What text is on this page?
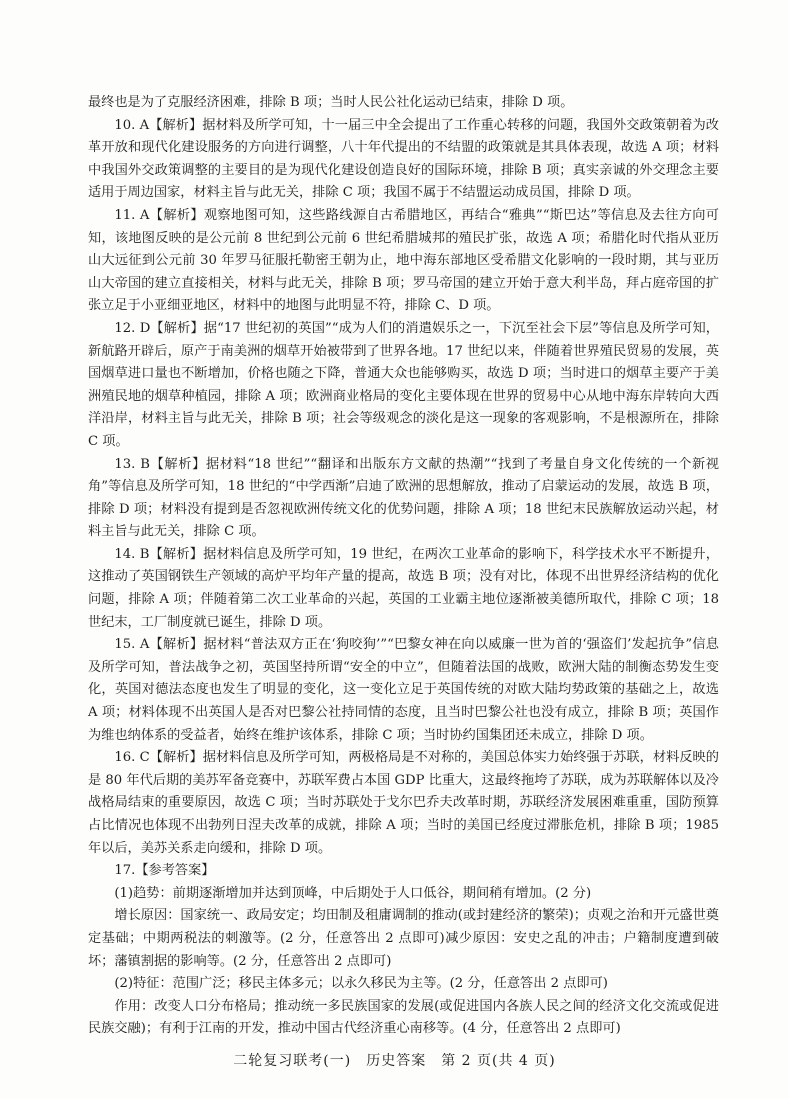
最终也是为了克服经济困难，排除 B 项；当时人民公社化运动已结束，排除 D 项。

10. A【解析】据材料及所学可知，十一届三中全会提出了工作重心转移的问题，我国外交政策朝着为改革开放和现代化建设服务的方向进行调整，八十年代提出的不结盟的政策就是其具体表现，故选 A 项；材料中我国外交政策调整的主要目的是为现代化建设创造良好的国际环境，排除 B 项；真实亲诚的外交理念主要适用于周边国家，材料主旨与此无关，排除 C 项；我国不属于不结盟运动成员国，排除 D 项。

11. A【解析】观察地图可知，这些路线源自古希腊地区，再结合“雅典”“斯巴达”等信息及去往方向可知，该地图反映的是公元前 8 世纪到公元前 6 世纪希腊城邦的殖民扩张，故选 A 项；希腊化时代指从亚历山大远征到公元前 30 年罗马征服托勒密王朝为止，地中海东部地区受希腊文化影响的一段时期，其与亚历山大帝国的建立直接相关，材料与此无关，排除 B 项；罗马帝国的建立开始于意大利半岛，拜占庭帝国的扩张立足于小亚细亚地区，材料中的地图与此明显不符，排除 C、D 项。

12. D【解析】据“17 世纪初的英国”“成为人们的消遣娱乐之一，下沉至社会下层”等信息及所学可知，新航路开辟后，原产于南美洲的烟草开始被带到了世界各地。17 世纪以来，伴随着世界殖民贸易的发展，英国烟草进口量也不断增加，价格也随之下降，普通大众也能够购买，故选 D 项；当时进口的烟草主要产于美洲殖民地的烟草种植园，排除 A 项；欧洲商业格局的变化主要体现在世界的贸易中心从地中海东岸转向大西洋沿岸，材料主旨与此无关，排除 B 项；社会等级观念的淡化是这一现象的客观影响，不是根源所在，排除 C 项。

13. B【解析】据材料“18 世纪”“翻译和出版东方文献的热潮”“找到了考量自身文化传统的一个新视角”等信息及所学可知，18 世纪的“中学西渐”启迪了欧洲的思想解放，推动了启蒙运动的发展，故选 B 项，排除 D 项；材料没有提到是否忽视欧洲传统文化的优势问题，排除 A 项；18 世纪末民族解放运动兴起，材料主旨与此无关，排除 C 项。

14. B【解析】据材料信息及所学可知，19 世纪，在两次工业革命的影响下，科学技术水平不断提升，这推动了英国钢铁生产领域的高炉平均年产量的提高，故选 B 项；没有对比，体现不出世界经济结构的优化问题，排除 A 项；伴随着第二次工业革命的兴起，英国的工业霸主地位逐渐被美德所取代，排除 C 项；18 世纪末，工厂制度就已诞生，排除 D 项。

15. A【解析】据材料“普法双方正在‘狗咬狗’”“巴黎女神在向以威廉一世为首的‘强盗们’发起抗争”信息及所学可知，普法战争之初，英国坚持所谓“安全的中立”，但随着法国的战败，欧洲大陆的制衡态势发生变化，英国对德法态度也发生了明显的变化，这一变化立足于英国传统的对欧大陆均势政策的基础之上，故选 A 项；材料体现不出英国人是否对巴黎公社持同情的态度，且当时巴黎公社也没有成立，排除 B 项；英国作为维也纳体系的受益者，始终在维护该体系，排除 C 项；当时协约国集团还未成立，排除 D 项。

16. C【解析】据材料信息及所学可知，两极格局是不对称的，美国总体实力始终强于苏联，材料反映的是 80 年代后期的美苏军备竞赛中，苏联军费占本国 GDP 比重大，这最终拖垮了苏联，成为苏联解体以及冷战格局结束的重要原因，故选 C 项；当时苏联处于戈尔巴乔夫改革时期，苏联经济发展困难重重，国防预算占比情况也体现不出勃列日涅夫改革的成就，排除 A 项；当时的美国已经度过滞胀危机，排除 B 项；1985 年以后，美苏关系走向缓和，排除 D 项。

17.【参考答案】

(1)趋势：前期逐渐增加并达到顶峰，中后期处于人口低谷，期间稍有增加。(2 分)

增长原因：国家统一、政局安定；均田制及租庸调制的推动(或封建经济的繁荣)；贞观之治和开元盛世奠定基础；中期两税法的刺激等。(2 分，任意答出 2 点即可)减少原因：安史之乱的冲击；户籍制度遭到破坏；藩镇割据的影响等。(2 分，任意答出 2 点即可)

(2)特征：范围广泛；移民主体多元；以永久移民为主等。(2 分，任意答出 2 点即可)

作用：改变人口分布格局；推动统一多民族国家的发展(或促进国内各族人民之间的经济文化交流或促进民族交融)；有利于江南的开发，推动中国古代经济重心南移等。(4 分，任意答出 2 点即可)

二轮复习联考(一)　历史答案　第 2 页(共 4 页)
